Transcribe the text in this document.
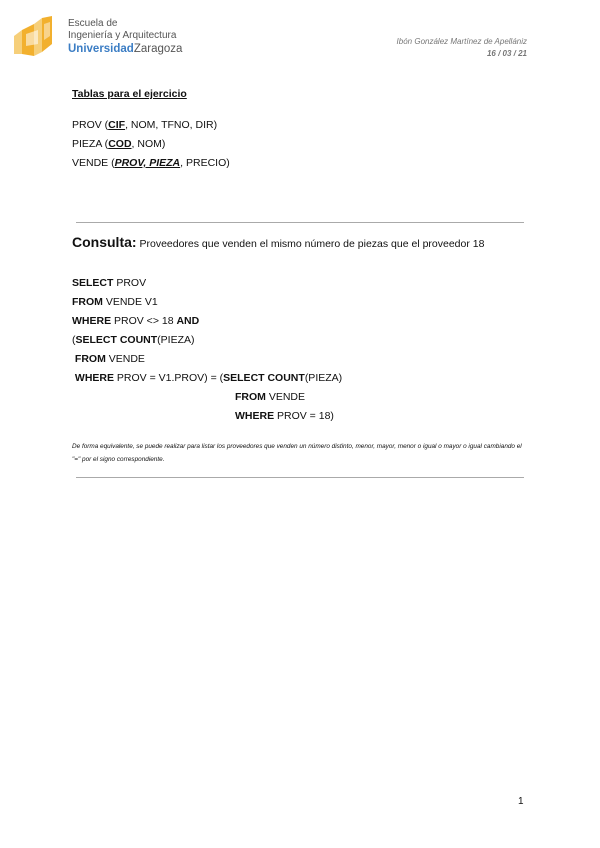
Escuela de
Ingeniería y Arquitectura
UniversidadZaragoza
Ibón González Martínez de Apellániz
16 / 03 / 21
Tablas para el ejercicio
PROV (CIF, NOM, TFNO, DIR)
PIEZA (COD, NOM)
VENDE (PROV, PIEZA, PRECIO)
Consulta: Proveedores que venden el mismo número de piezas que el proveedor 18
SELECT PROV
FROM VENDE V1
WHERE PROV <> 18 AND
(SELECT COUNT(PIEZA)
FROM VENDE
WHERE PROV = V1.PROV) = (SELECT COUNT(PIEZA)
FROM VENDE
WHERE PROV = 18)
De forma equivalente, se puede realizar para listar los proveedores que venden un número distinto, menor, mayor, menor o igual o mayor o igual cambiando el "=" por el signo correspondiente.
1
